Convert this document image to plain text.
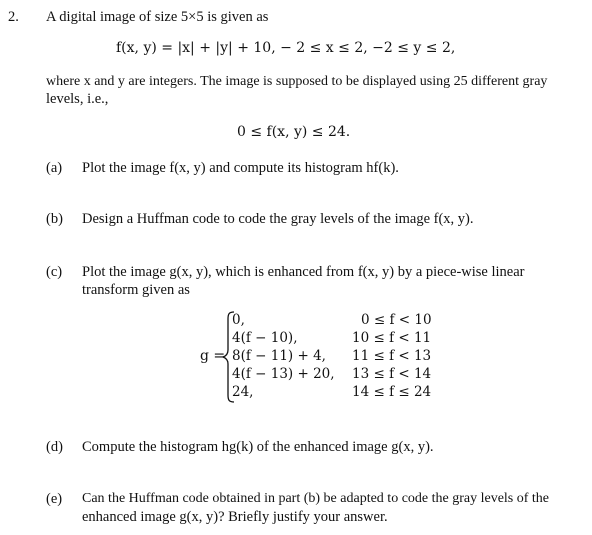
2. A digital image of size 5×5 is given as
f(x, y) = |x| + |y| + 10, − 2 ≤ x ≤ 2, −2 ≤ y ≤ 2,
where x and y are integers. The image is supposed to be displayed using 25 different gray
levels, i.e.,
0 ≤ f(x, y) ≤ 24.
(a) Plot the image f(x, y) and compute its histogram hf(k).
(b) Design a Huffman code to code the gray levels of the image f(x, y).
(c) Plot the image g(x, y), which is enhanced from f(x, y) by a piece-wise linear
transform given as
g =
0,
4(f − 10),
8(f − 11) + 4,
4(f − 13) + 20,
24,
0 ≤ f < 10
10 ≤ f < 11
11 ≤ f < 13
13 ≤ f < 14
14 ≤ f ≤ 24
(d) Compute the histogram hg(k) of the enhanced image g(x, y).
(e) Can the Huffman code obtained in part (b) be adapted to code the gray levels of the
enhanced image g(x, y)? Briefly justify your answer.
